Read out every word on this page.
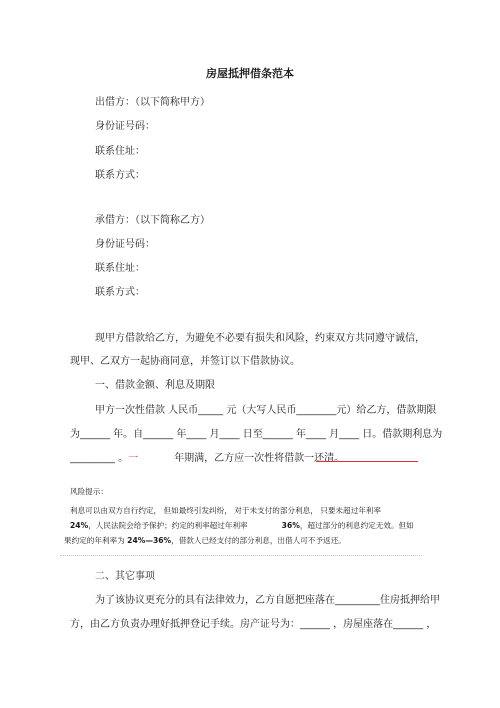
房屋抵押借条范本
出借方：（以下简称甲方）
身份证号码：
联系住址：
联系方式：
承借方：（以下简称乙方）
身份证号码：
联系住址：
联系方式：
现甲方借款给乙方，为避免不必要有损失和风险，约束双方共同遵守诚信，
现甲、乙双方一起协商同意，并签订以下借款协议。
一、借款金额、利息及期限
甲方一次性借款 人民币_____ 元（大写人民币________元）给乙方，借款期限
为______ 年。自______ 年____ 月____ 日至______ 年____ 月____ 日。借款期利息为
_________ 。一	年期满，乙方应一次性将借款一还清。
风险提示：
利息可以由双方自行约定， 但如最终引发纠纷， 对于未支付的部分利息， 只要未超过年利率
24%，人民法院会给予保护；约定的利率超过年利率	36%，超过部分的利息约定无效。但如
果约定的年利率为 24%—36%，借款人已经支付的部分利息，出借人可不予返还。
二、其它事项
为了该协议更充分的具有法律效力，乙方自愿把座落在_________住房抵押给甲
方，由乙方负责办理好抵押登记手续。房产证号为：______ ，房屋座落在______ ，
